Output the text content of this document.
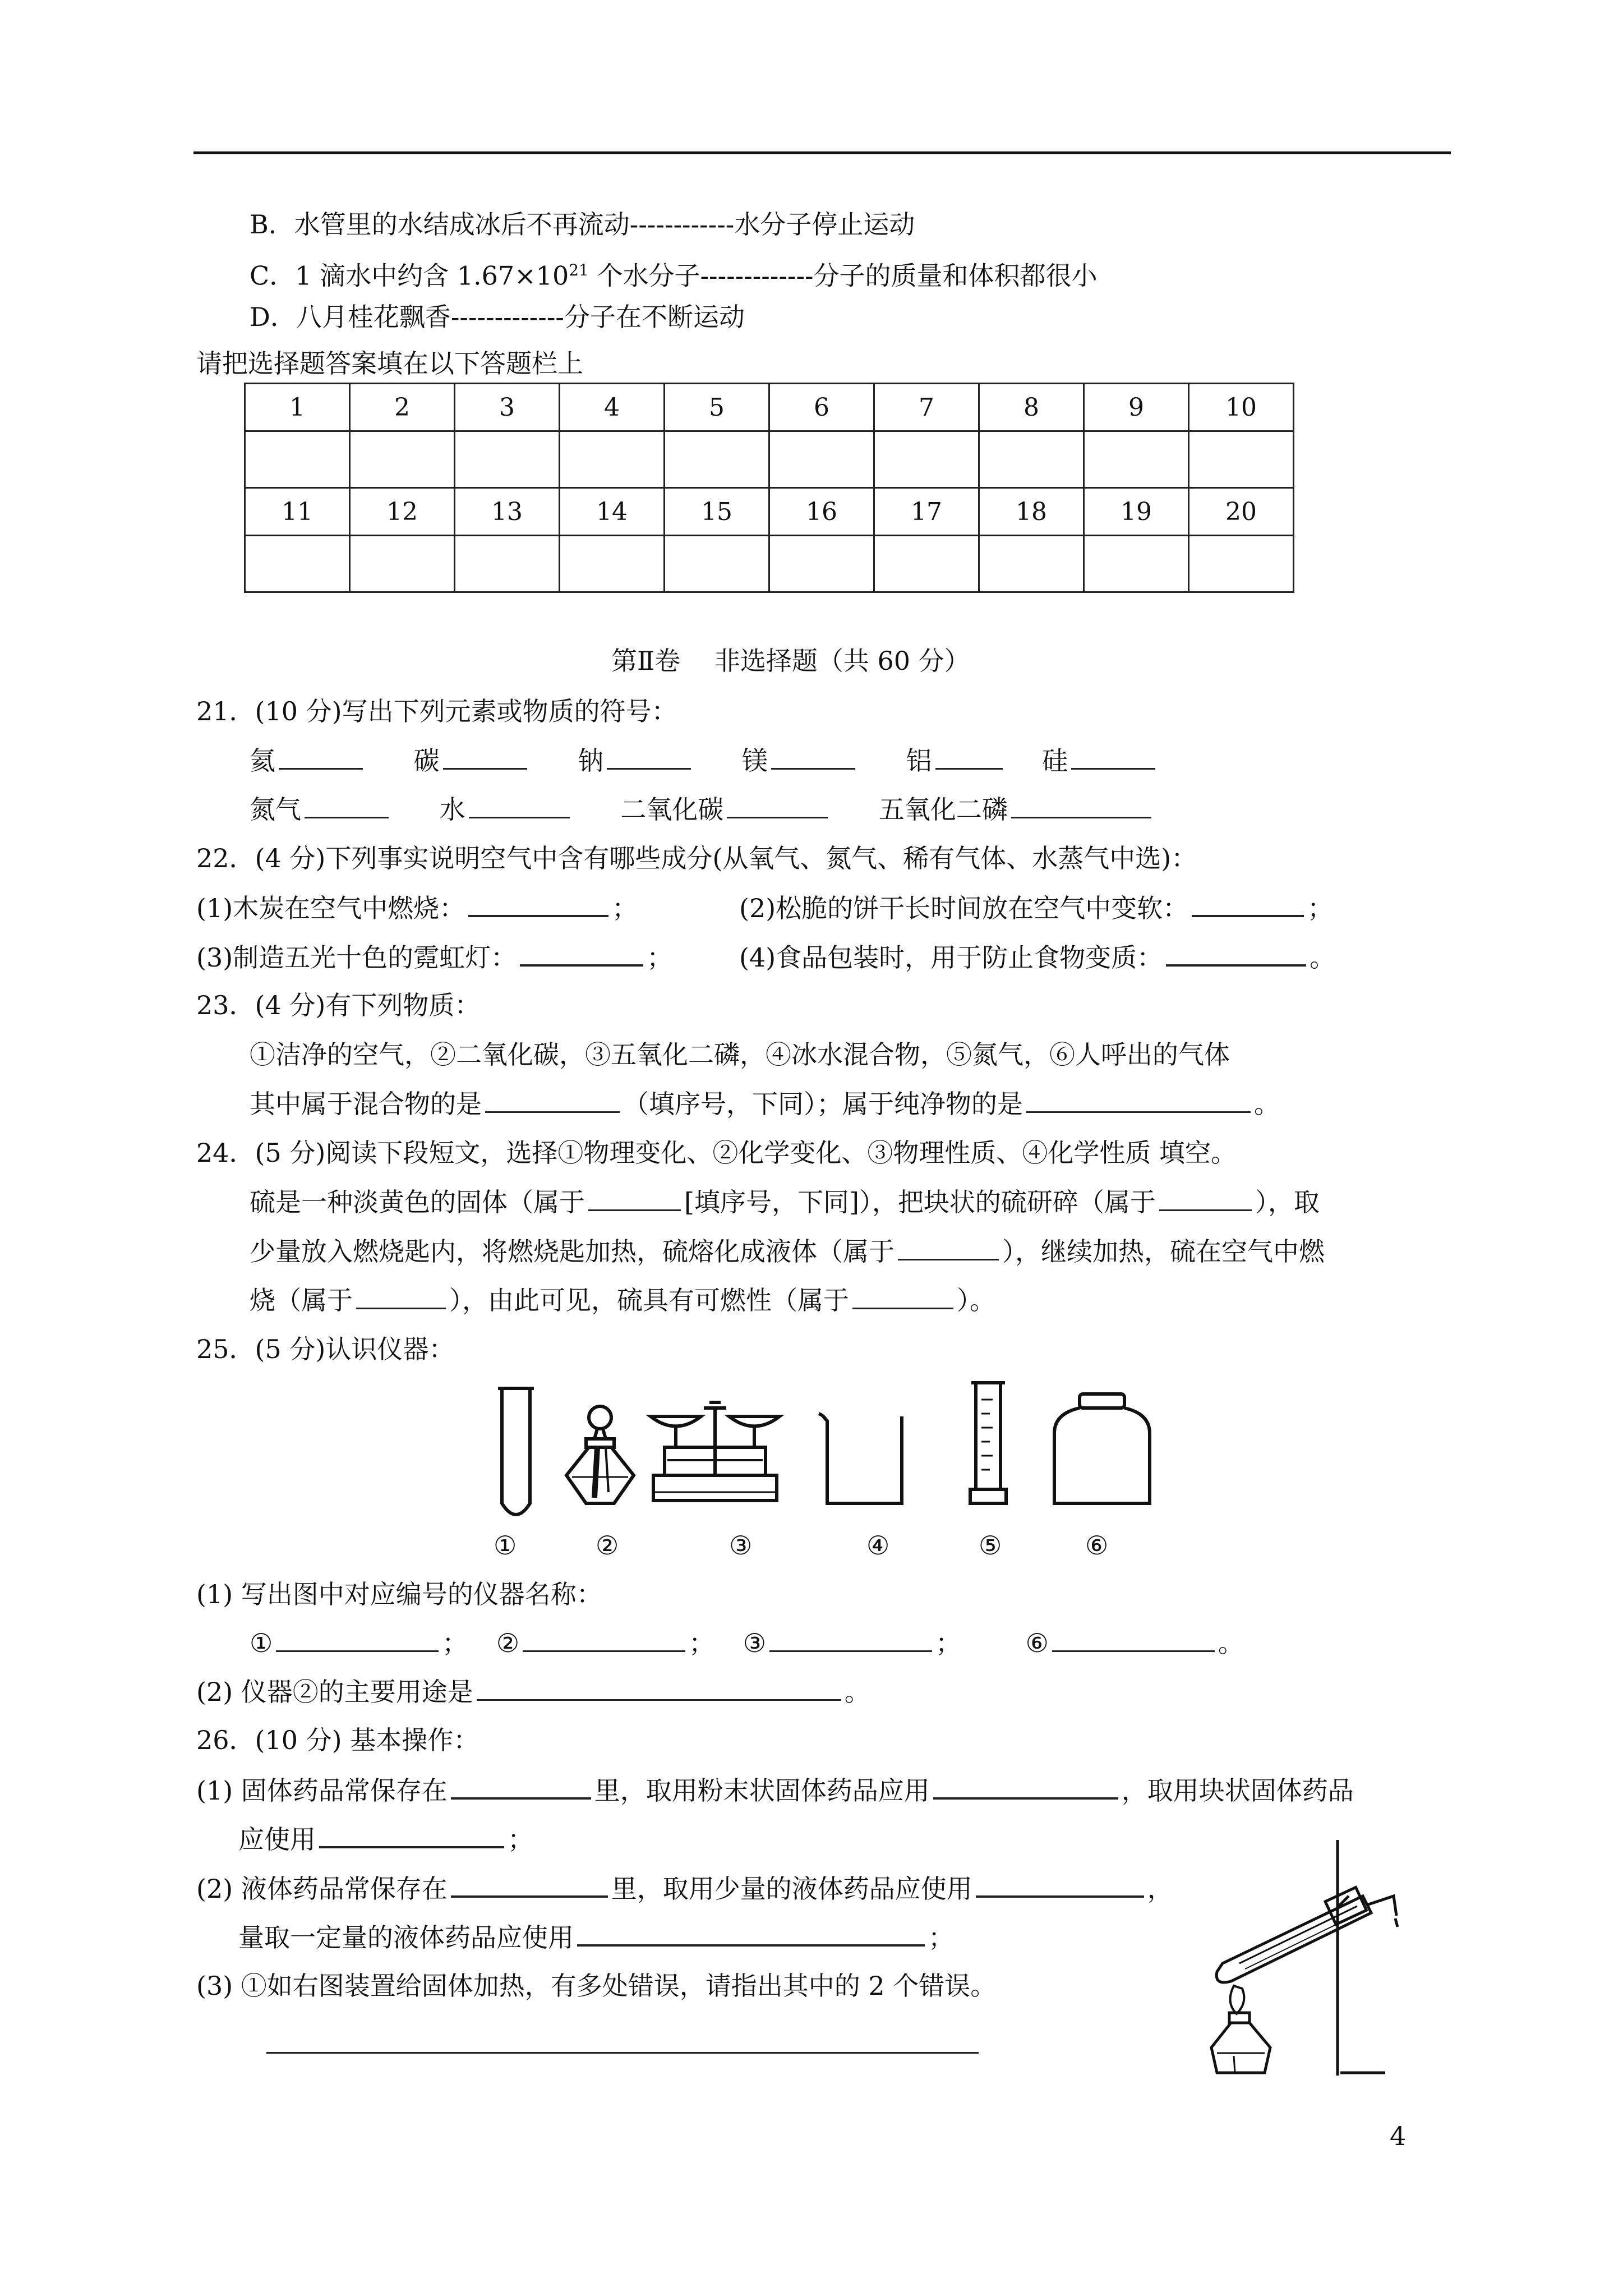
B．水管里的水结成冰后不再流动------------水分子停止运动
C．1 滴水中约含 $1.67\times 10^{21}$ 个水分子-------------分子的质量和体积都很小
D．八月桂花飘香-------------分子在不断运动
请把选择题答案填在以下答题栏上
1	2	3	4	5	6	7	8	9	10

11	12	13	14	15	16	17	18	19	20

第Ⅱ卷　 非选择题（共 60 分）
21．(10 分)写出下列元素或物质的符号：
氦	碳	钠	镁	铝	硅
氮气	水	二氧化碳	五氧化二磷
22．(4 分)下列事实说明空气中含有哪些成分(从氧气、氮气、稀有气体、水蒸气中选)：
(1)木炭在空气中燃烧：	；	(2)松脆的饼干长时间放在空气中变软：	；
(3)制造五光十色的霓虹灯：	；	(4)食品包装时，用于防止食物变质：	。
23．(4 分)有下列物质：
①洁净的空气，②二氧化碳，③五氧化二磷，④冰水混合物，⑤氮气，⑥人呼出的气体
其中属于混合物的是	（填序号，下同）；属于纯净物的是	。
24．(5 分)阅读下段短文，选择①物理变化、②化学变化、③物理性质、④化学性质 填空。
硫是一种淡黄色的固体（属于	[填序号，下同]），把块状的硫研碎（属于	），取
少量放入燃烧匙内，将燃烧匙加热，硫熔化成液体（属于	），继续加热，硫在空气中燃
烧（属于	），由此可见，硫具有可燃性（属于	）。
25．(5 分)认识仪器：
①	②	③	④	⑤	⑥
(1) 写出图中对应编号的仪器名称：
①	； ②	； ③	； ⑥	。
(2) 仪器②的主要用途是	。
26．(10 分) 基本操作：
(1) 固体药品常保存在	里，取用粉末状固体药品应用	，取用块状固体药品
应使用	；
(2) 液体药品常保存在	里，取用少量的液体药品应使用	，
量取一定量的液体药品应使用	；
(3) ①如右图装置给固体加热，有多处错误，请指出其中的 2 个错误。
4
